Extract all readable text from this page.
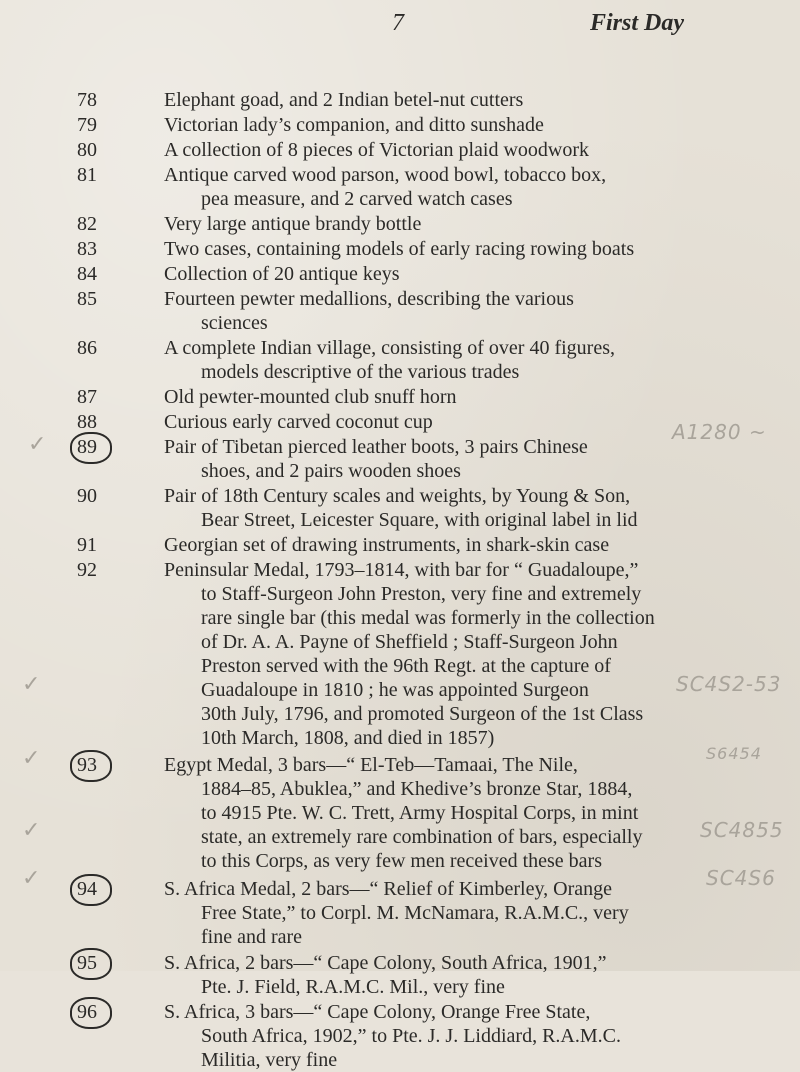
7	First Day
78	Elephant goad, and 2 Indian betel-nut cutters
79	Victorian lady’s companion, and ditto sunshade
80	A collection of 8 pieces of Victorian plaid woodwork
81	Antique carved wood parson, wood bowl, tobacco box,
pea measure, and 2 carved watch cases
82	Very large antique brandy bottle
83	Two cases, containing models of early racing rowing boats
84	Collection of 20 antique keys
85	Fourteen pewter medallions, describing the various
sciences
86	A complete Indian village, consisting of over 40 figures,
models descriptive of the various trades
87	Old pewter-mounted club snuff horn
88	Curious early carved coconut cup
89	Pair of Tibetan pierced leather boots, 3 pairs Chinese
shoes, and 2 pairs wooden shoes
90	Pair of 18th Century scales and weights, by Young & Son,
Bear Street, Leicester Square, with original label in lid
91	Georgian set of drawing instruments, in shark-skin case
92	Peninsular Medal, 1793–1814, with bar for “ Guadaloupe,”
to Staff-Surgeon John Preston, very fine and extremely
rare single bar (this medal was formerly in the collection
of Dr. A. A. Payne of Sheffield ; Staff-Surgeon John
Preston served with the 96th Regt. at the capture of
Guadaloupe in 1810 ; he was appointed Surgeon
30th July, 1796, and promoted Surgeon of the 1st Class
10th March, 1808, and died in 1857)
93	Egypt Medal, 3 bars—“ El-Teb—Tamaai, The Nile,
1884–85, Abuklea,” and Khedive’s bronze Star, 1884,
to 4915 Pte. W. C. Trett, Army Hospital Corps, in mint
state, an extremely rare combination of bars, especially
to this Corps, as very few men received these bars
94	S. Africa Medal, 2 bars—“ Relief of Kimberley, Orange
Free State,” to Corpl. M. McNamara, R.A.M.C., very
fine and rare
95	S. Africa, 2 bars—“ Cape Colony, South Africa, 1901,”
Pte. J. Field, R.A.M.C. Mil., very fine
96	S. Africa, 3 bars—“ Cape Colony, Orange Free State,
South Africa, 1902,” to Pte. J. J. Liddiard, R.A.M.C.
Militia, very fine
A1280 ~
SC4S2-53
S6454
SC4855
SC4S6
✓
✓
✓
✓
✓
